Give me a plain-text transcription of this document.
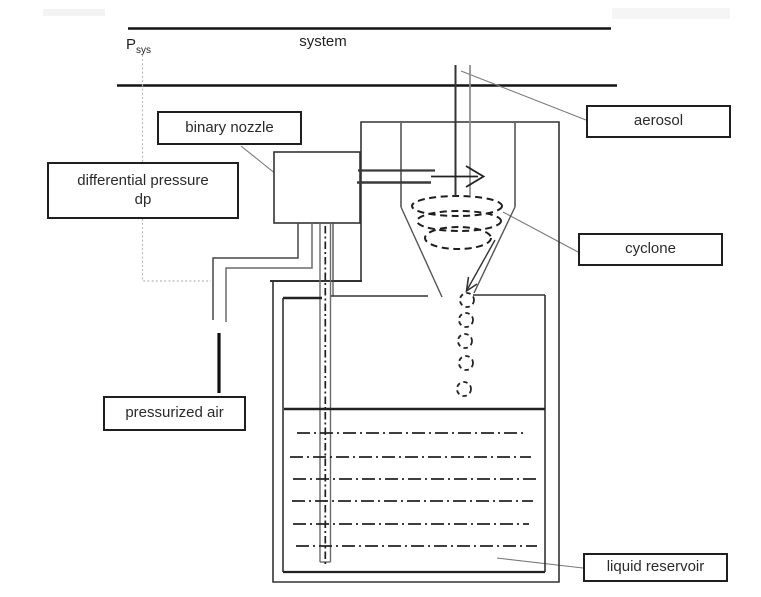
system
$P_{sys}$
binary nozzle
differential pressure
dp
aerosol
cyclone
pressurized air
liquid reservoir
